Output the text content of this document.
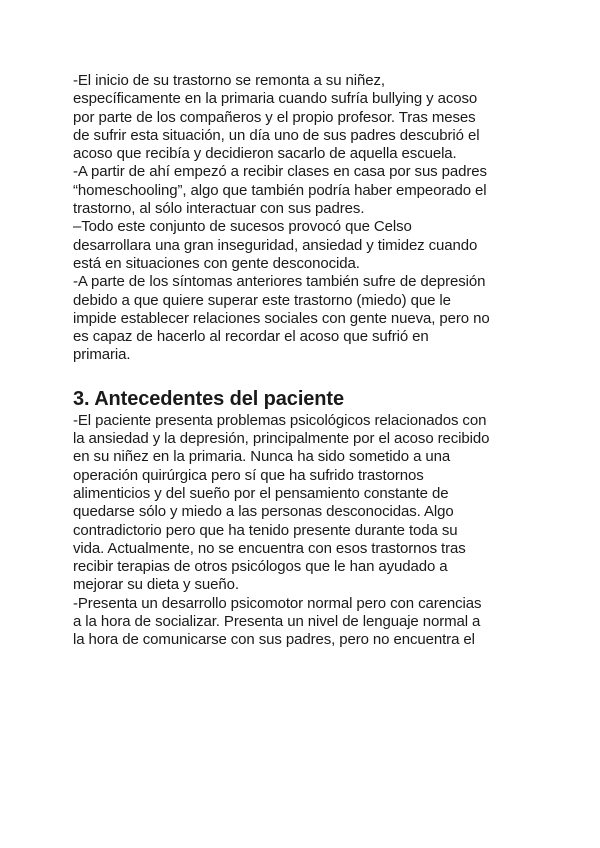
-El inicio de su trastorno se remonta a su niñez,
específicamente en la primaria cuando sufría bullying y acoso
por parte de los compañeros y el propio profesor. Tras meses
de sufrir esta situación, un día uno de sus padres descubrió el
acoso que recibía y decidieron sacarlo de aquella escuela.
-A partir de ahí empezó a recibir clases en casa por sus padres
“homeschooling”, algo que también podría haber empeorado el
trastorno, al sólo interactuar con sus padres.
–Todo este conjunto de sucesos provocó que Celso
desarrollara una gran inseguridad, ansiedad y timidez cuando
está en situaciones con gente desconocida.
-A parte de los síntomas anteriores también sufre de depresión
debido a que quiere superar este trastorno (miedo) que le
impide establecer relaciones sociales con gente nueva, pero no
es capaz de hacerlo al recordar el acoso que sufrió en
primaria.
3. Antecedentes del paciente
-El paciente presenta problemas psicológicos relacionados con
la ansiedad y la depresión, principalmente por el acoso recibido
en su niñez en la primaria. Nunca ha sido sometido a una
operación quirúrgica pero sí que ha sufrido trastornos
alimenticios y del sueño por el pensamiento constante de
quedarse sólo y miedo a las personas desconocidas. Algo
contradictorio pero que ha tenido presente durante toda su
vida. Actualmente, no se encuentra con esos trastornos tras
recibir terapias de otros psicólogos que le han ayudado a
mejorar su dieta y sueño.
-Presenta un desarrollo psicomotor normal pero con carencias
a la hora de socializar. Presenta un nivel de lenguaje normal a
la hora de comunicarse con sus padres, pero no encuentra el
